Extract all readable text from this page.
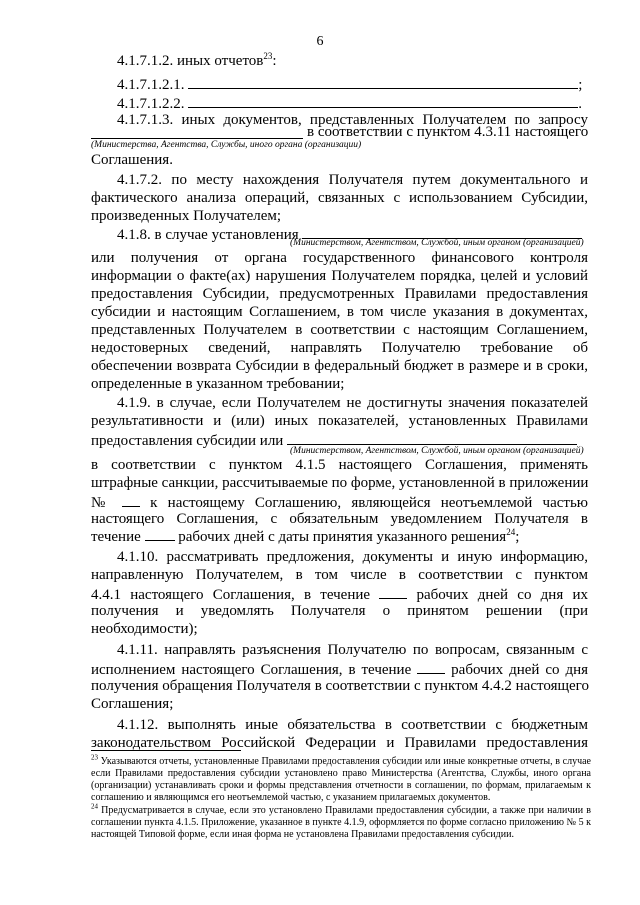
6
4.1.7.1.2. иных отчетов$^{23}$:
4.1.7.1.2.1.	;
4.1.7.1.2.2.	.
4.1.7.1.3. иных документов, представленных Получателем по запросу
в соответствии с пунктом 4.3.11 настоящего
(Министерства, Агентства, Службы, иного органа (организации)
Соглашения.
4.1.7.2. по месту нахождения Получателя путем документального и
фактического анализа операций, связанных с использованием Субсидии,
произведенных Получателем;
4.1.8. в случае установления
(Министерством, Агентством, Службой, иным органом (организацией)
или получения от органа государственного финансового контроля
информации о факте(ах) нарушения Получателем порядка, целей и условий
предоставления Субсидии, предусмотренных Правилами предоставления
субсидии и настоящим Соглашением, в том числе указания в документах,
представленных Получателем в соответствии с настоящим Соглашением,
недостоверных сведений, направлять Получателю требование об
обеспечении возврата Субсидии в федеральный бюджет в размере и в сроки,
определенные в указанном требовании;
4.1.9. в случае, если Получателем не достигнуты значения показателей
результативности и (или) иных показателей, установленных Правилами
предоставления субсидии или
(Министерством, Агентством, Службой, иным органом (организацией)
в соответствии с пунктом 4.1.5 настоящего Соглашения, применять
штрафные санкции, рассчитываемые по форме, установленной в приложении
№	к настоящему Соглашению, являющейся неотъемлемой частью
настоящего Соглашения, с обязательным уведомлением Получателя в
течение	рабочих дней с даты принятия указанного решения$^{24}$;
4.1.10. рассматривать предложения, документы и иную информацию,
направленную Получателем, в том числе в соответствии с пунктом
4.4.1 настоящего Соглашения, в течение	рабочих дней со дня их
получения и уведомлять Получателя о принятом решении (при
необходимости);
4.1.11. направлять разъяснения Получателю по вопросам, связанным с
исполнением настоящего Соглашения, в течение	рабочих дней со дня
получения обращения Получателя в соответствии с пунктом 4.4.2 настоящего
Соглашения;
4.1.12. выполнять иные обязательства в соответствии с бюджетным
законодательством Российской Федерации и Правилами предоставления
$^{23}$ Указываются отчеты, установленные Правилами предоставления субсидии или иные конкретные отчеты, в случае
если Правилами предоставления субсидии установлено право Министерства (Агентства, Службы, иного органа
(организации) устанавливать сроки и формы представления отчетности в соглашении, по формам, прилагаемым к
соглашению и являющимся его неотъемлемой частью, с указанием прилагаемых документов.
$^{24}$ Предусматривается в случае, если это установлено Правилами предоставления субсидии, а также при наличии в
соглашении пункта 4.1.5. Приложение, указанное в пункте 4.1.9, оформляется по форме согласно приложению № 5 к
настоящей Типовой форме, если иная форма не установлена Правилами предоставления субсидии.
